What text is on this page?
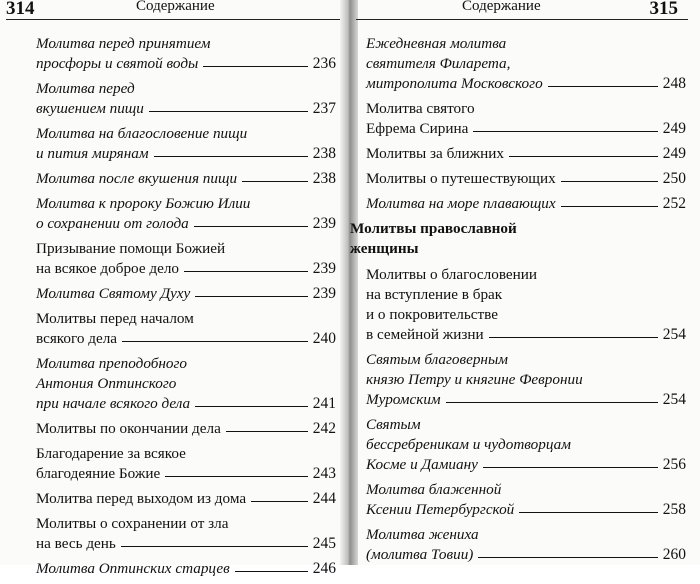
314	Содержание
Молитва перед принятием
просфоры и святой воды	236
Молитва перед
вкушением пищи	237
Молитва на благословение пищи
и пития мирянам	238
Молитва после вкушения пищи	238
Молитва к пророку Божию Илии
о сохранении от голода	239
Призывание помощи Божией
на всякое доброе дело	239
Молитва Святому Духу	239
Молитвы перед началом
всякого дела	240
Молитва преподобного
Антония Оптинского
при начале всякого дела	241
Молитвы по окончании дела	242
Благодарение за всякое
благодеяние Божие	243
Молитва перед выходом из дома	244
Молитвы о сохранении от зла
на весь день	245
Молитва Оптинских старцев	246
Содержание	315
Ежедневная молитва
святителя Филарета,
митрополита Московского	248
Молитва святого
Ефрема Сирина	249
Молитвы за ближних	249
Молитвы о путешествующих	250
Молитва на море плавающих	252
Молитвы православной
женщины
Молитвы о благословении
на вступление в брак
и о покровительстве
в семейной жизни	254
Святым благоверным
князю Петру и княгине Февронии
Муромским	254
Святым
бессребреникам и чудотворцам
Косме и Дамиану	256
Молитва блаженной
Ксении Петербургской	258
Молитва жениха
(молитва Товии)	260
